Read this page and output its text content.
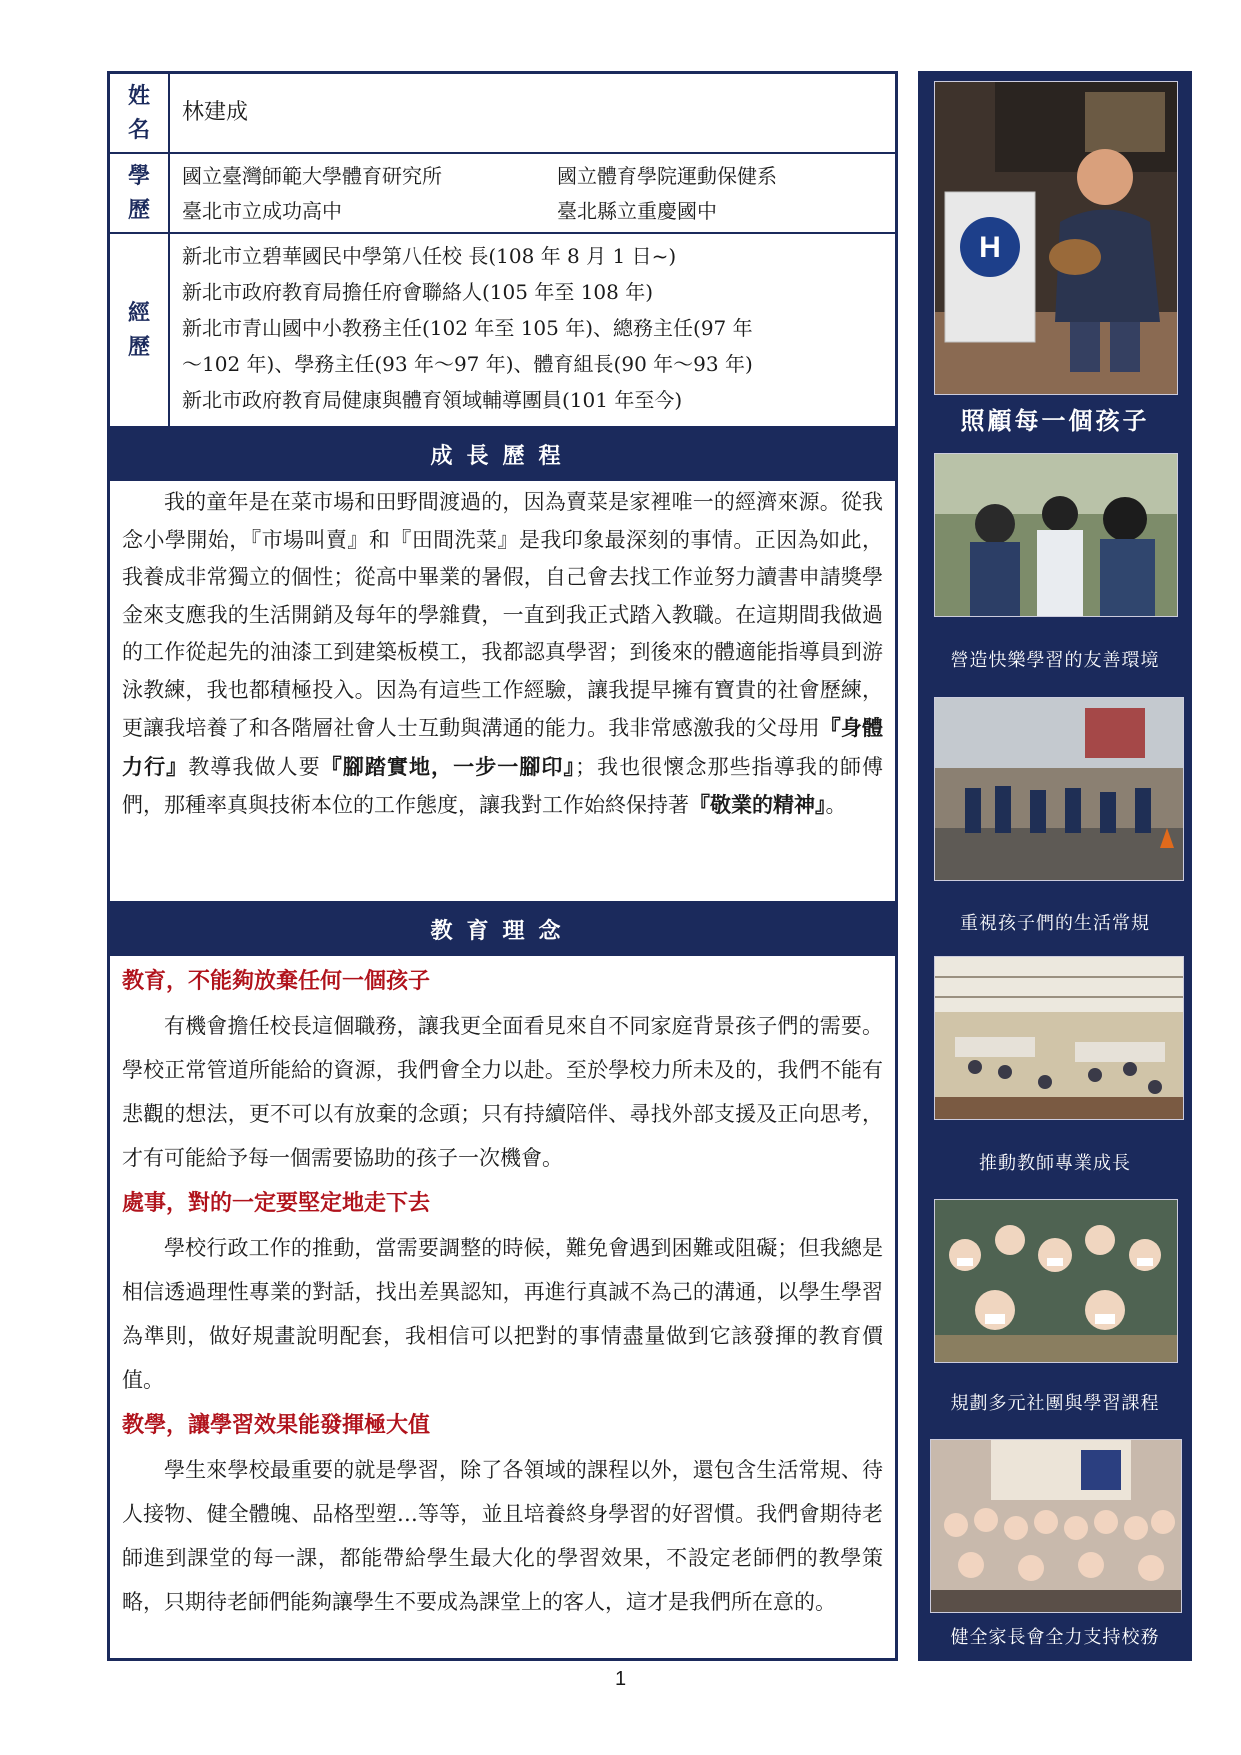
姓
名
林建成
學
歷
國立臺灣師範大學體育研究所	國立體育學院運動保健系
臺北市立成功高中	臺北縣立重慶國中
經
歷
新北市立碧華國民中學第八任校 長(108 年 8 月 1 日~)
新北市政府教育局擔任府會聯絡人(105 年至 108 年)
新北市青山國中小教務主任(102 年至 105 年)、總務主任(97 年
～102 年)、學務主任(93 年～97 年)、體育組長(90 年～93 年)
新北市政府教育局健康與體育領域輔導團員(101 年至今)
成長歷程

我的童年是在菜市場和田野間渡過的，因為賣菜是家裡唯一的經濟來源。從我念小學開始，『市場叫賣』和『田間洗菜』是我印象最深刻的事情。正因為如此，我養成非常獨立的個性；從高中畢業的暑假，自己會去找工作並努力讀書申請獎學金來支應我的生活開銷及每年的學雜費，一直到我正式踏入教職。在這期間我做過的工作從起先的油漆工到建築板模工，我都認真學習；到後來的體適能指導員到游泳教練，我也都積極投入。因為有這些工作經驗，讓我提早擁有寶貴的社會歷練，更讓我培養了和各階層社會人士互動與溝通的能力。我非常感激我的父母用『身體力行』教導我做人要『腳踏實地，一步一腳印』；我也很懷念那些指導我的師傅們，那種率真與技術本位的工作態度，讓我對工作始終保持著『敬業的精神』。

教育理念

教育，不能夠放棄任何一個孩子

有機會擔任校長這個職務，讓我更全面看見來自不同家庭背景孩子們的需要。學校正常管道所能給的資源，我們會全力以赴。至於學校力所未及的，我們不能有悲觀的想法，更不可以有放棄的念頭；只有持續陪伴、尋找外部支援及正向思考，才有可能給予每一個需要協助的孩子一次機會。

處事，對的一定要堅定地走下去

學校行政工作的推動，當需要調整的時候，難免會遇到困難或阻礙；但我總是相信透過理性專業的對話，找出差異認知，再進行真誠不為己的溝通，以學生學習為準則，做好規畫說明配套，我相信可以把對的事情盡量做到它該發揮的教育價值。

教學，讓學習效果能發揮極大值

學生來學校最重要的就是學習，除了各領域的課程以外，還包含生活常規、待人接物、健全體魄、品格型塑…等等，並且培養終身學習的好習慣。我們會期待老師進到課堂的每一課，都能帶給學生最大化的學習效果，不設定老師們的教學策略，只期待老師們能夠讓學生不要成為課堂上的客人，這才是我們所在意的。

H
照顧每一個孩子
營造快樂學習的友善環境
重視孩子們的生活常規
推動教師專業成長
規劃多元社團與學習課程
健全家長會全力支持校務
1
